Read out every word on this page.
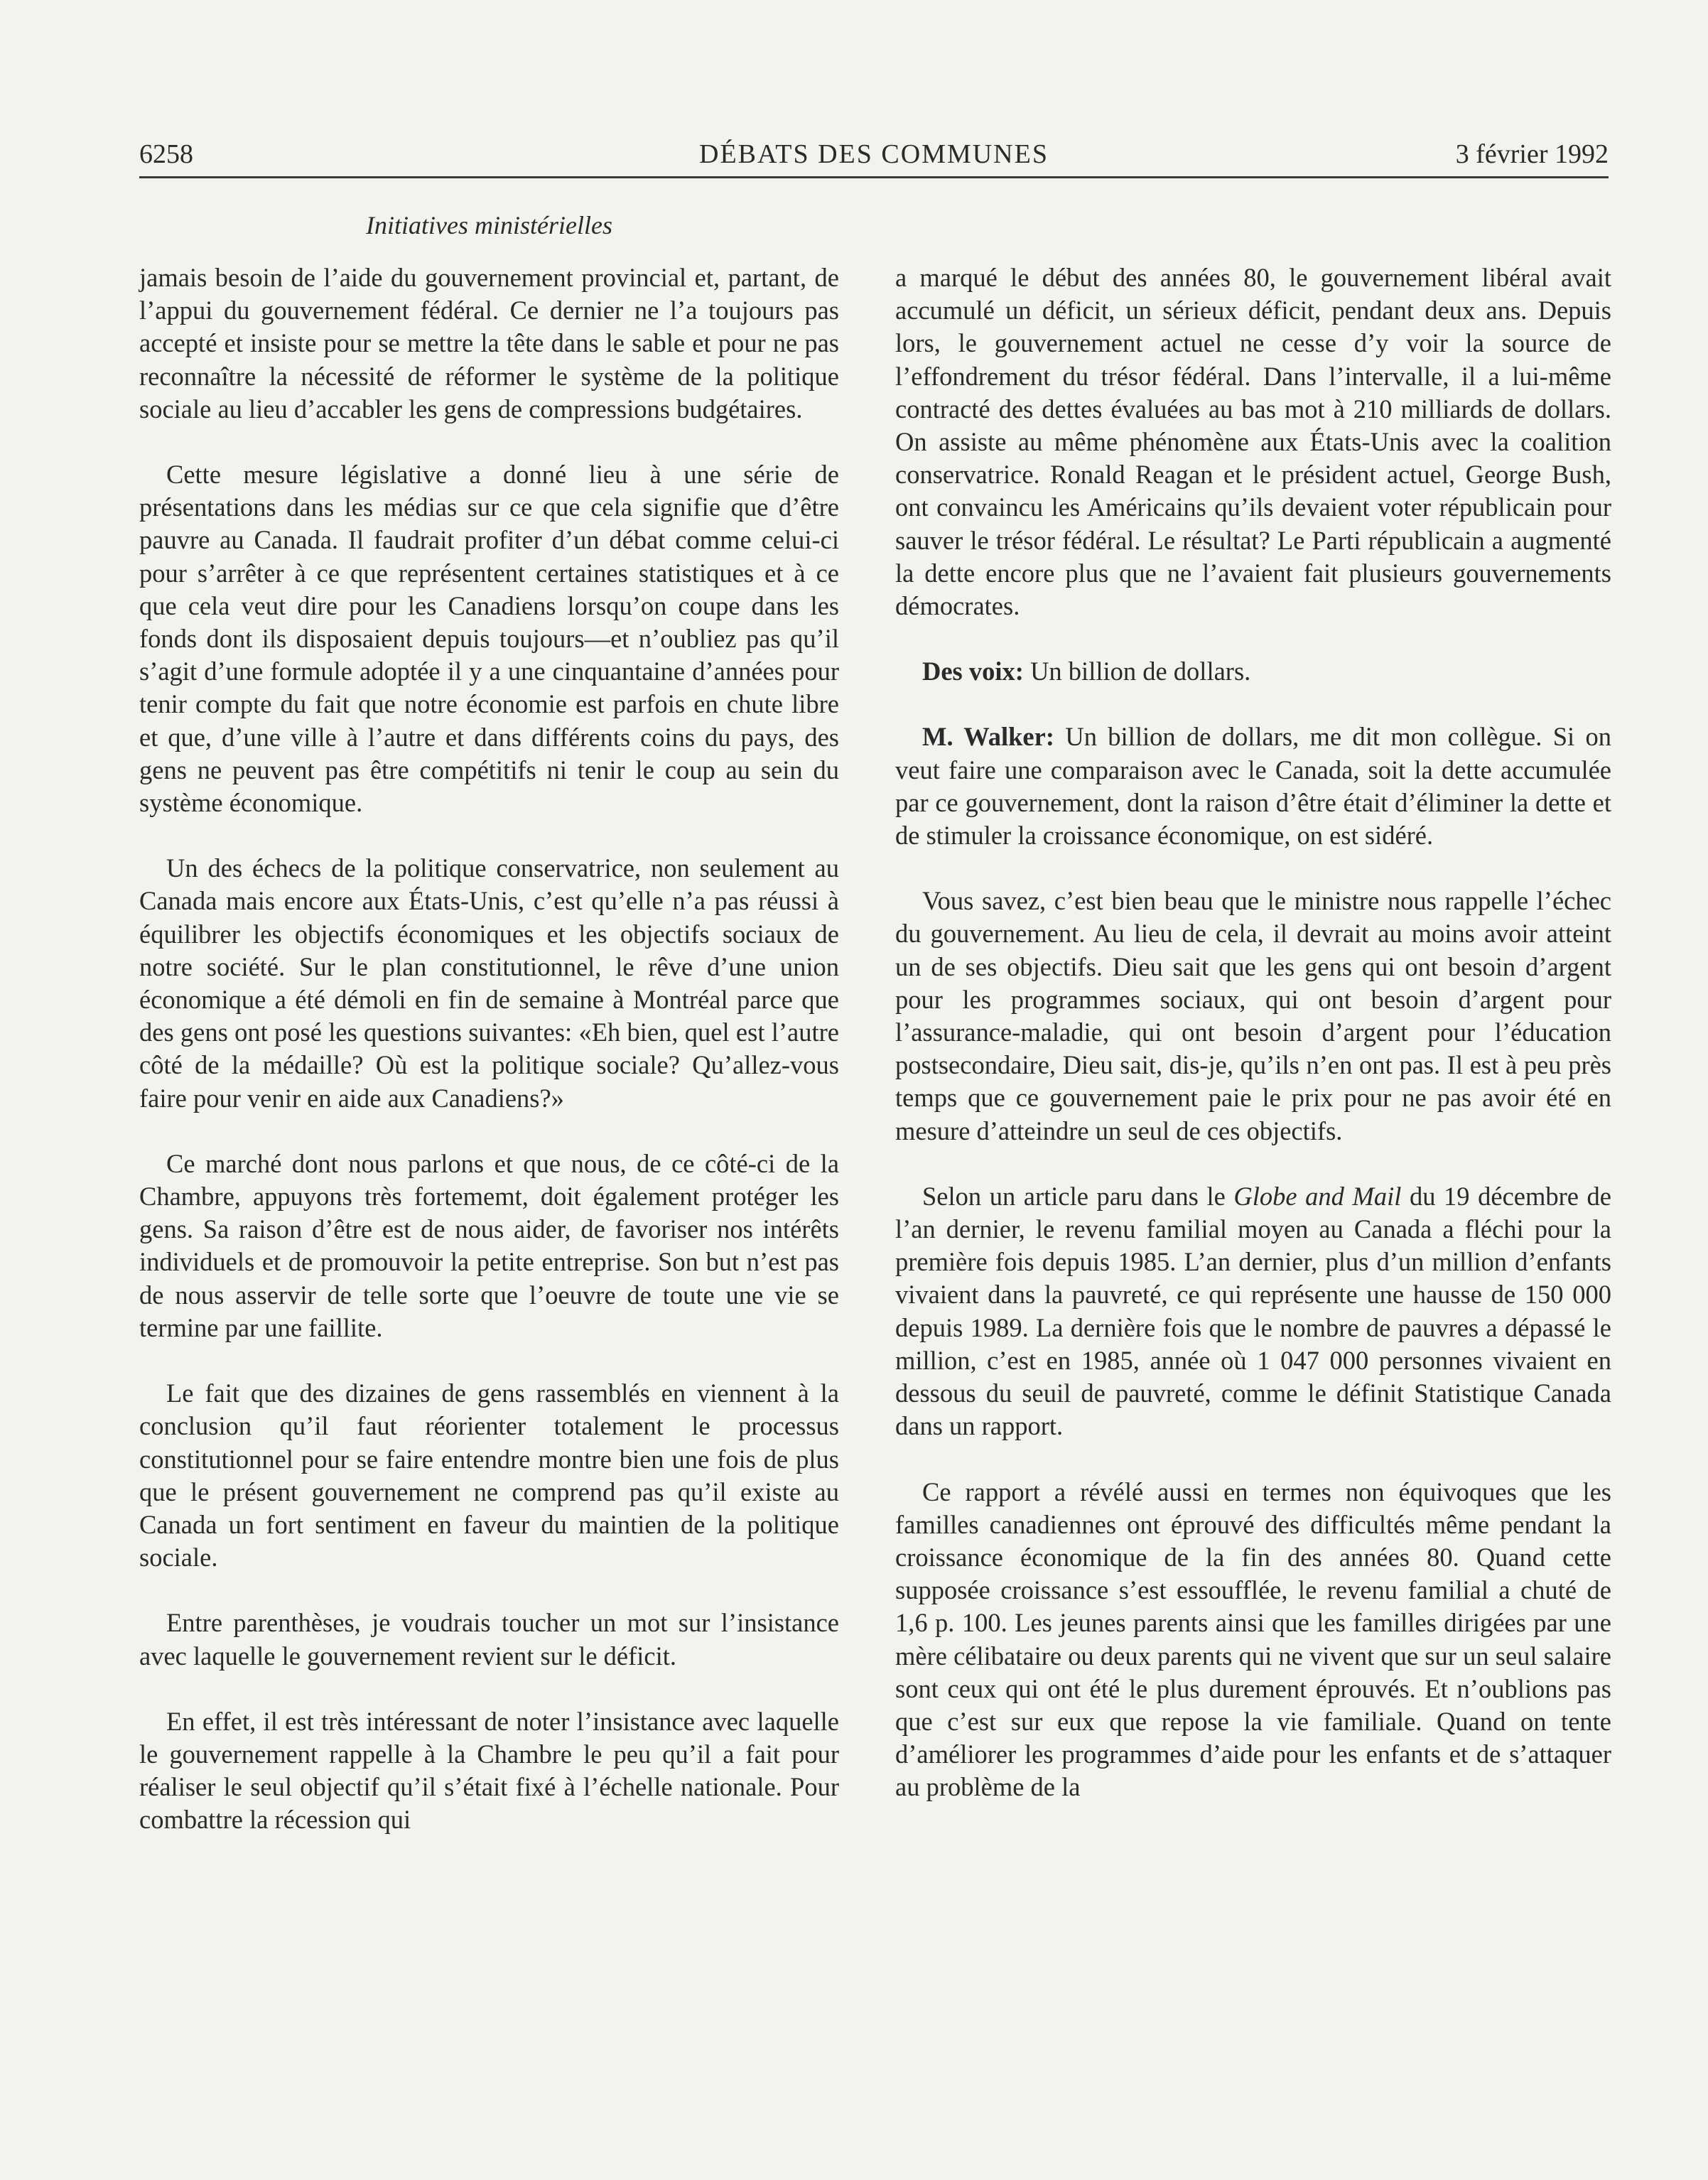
6258	DÉBATS DES COMMUNES	3 février 1992
Initiatives ministérielles

jamais besoin de l’aide du gouvernement provincial et, partant, de l’appui du gouvernement fédéral. Ce dernier ne l’a toujours pas accepté et insiste pour se mettre la tête dans le sable et pour ne pas reconnaître la nécessité de réformer le système de la politique sociale au lieu d’accabler les gens de compressions budgétaires.

Cette mesure législative a donné lieu à une série de présentations dans les médias sur ce que cela signifie que d’être pauvre au Canada. Il faudrait profiter d’un débat comme celui-ci pour s’arrêter à ce que représentent certaines statistiques et à ce que cela veut dire pour les Canadiens lorsqu’on coupe dans les fonds dont ils disposaient depuis toujours—et n’oubliez pas qu’il s’agit d’une formule adoptée il y a une cinquantaine d’années pour tenir compte du fait que notre économie est parfois en chute libre et que, d’une ville à l’autre et dans différents coins du pays, des gens ne peuvent pas être compétitifs ni tenir le coup au sein du système économique.

Un des échecs de la politique conservatrice, non seulement au Canada mais encore aux États-Unis, c’est qu’elle n’a pas réussi à équilibrer les objectifs économiques et les objectifs sociaux de notre société. Sur le plan constitutionnel, le rêve d’une union économique a été démoli en fin de semaine à Montréal parce que des gens ont posé les questions suivantes: «Eh bien, quel est l’autre côté de la médaille? Où est la politique sociale? Qu’allez-vous faire pour venir en aide aux Canadiens?»

Ce marché dont nous parlons et que nous, de ce côté-ci de la Chambre, appuyons très fortememt, doit également protéger les gens. Sa raison d’être est de nous aider, de favoriser nos intérêts individuels et de promouvoir la petite entreprise. Son but n’est pas de nous asservir de telle sorte que l’oeuvre de toute une vie se termine par une faillite.

Le fait que des dizaines de gens rassemblés en viennent à la conclusion qu’il faut réorienter totalement le processus constitutionnel pour se faire entendre montre bien une fois de plus que le présent gouvernement ne comprend pas qu’il existe au Canada un fort sentiment en faveur du maintien de la politique sociale.

Entre parenthèses, je voudrais toucher un mot sur l’insistance avec laquelle le gouvernement revient sur le déficit.

En effet, il est très intéressant de noter l’insistance avec laquelle le gouvernement rappelle à la Chambre le peu qu’il a fait pour réaliser le seul objectif qu’il s’était fixé à l’échelle nationale. Pour combattre la récession qui

a marqué le début des années 80, le gouvernement libéral avait accumulé un déficit, un sérieux déficit, pendant deux ans. Depuis lors, le gouvernement actuel ne cesse d’y voir la source de l’effondrement du trésor fédéral. Dans l’intervalle, il a lui-même contracté des dettes évaluées au bas mot à 210 milliards de dollars. On assiste au même phénomène aux États-Unis avec la coalition conservatrice. Ronald Reagan et le président actuel, George Bush, ont convaincu les Américains qu’ils devaient voter républicain pour sauver le trésor fédéral. Le résultat? Le Parti républicain a augmenté la dette encore plus que ne l’avaient fait plusieurs gouvernements démocrates.

Des voix: Un billion de dollars.

M. Walker: Un billion de dollars, me dit mon collègue. Si on veut faire une comparaison avec le Canada, soit la dette accumulée par ce gouvernement, dont la raison d’être était d’éliminer la dette et de stimuler la croissance économique, on est sidéré.

Vous savez, c’est bien beau que le ministre nous rappelle l’échec du gouvernement. Au lieu de cela, il devrait au moins avoir atteint un de ses objectifs. Dieu sait que les gens qui ont besoin d’argent pour les programmes sociaux, qui ont besoin d’argent pour l’assurance-maladie, qui ont besoin d’argent pour l’éducation postsecondaire, Dieu sait, dis-je, qu’ils n’en ont pas. Il est à peu près temps que ce gouvernement paie le prix pour ne pas avoir été en mesure d’atteindre un seul de ces objectifs.

Selon un article paru dans le Globe and Mail du 19 décembre de l’an dernier, le revenu familial moyen au Canada a fléchi pour la première fois depuis 1985. L’an dernier, plus d’un million d’enfants vivaient dans la pauvreté, ce qui représente une hausse de 150 000 depuis 1989. La dernière fois que le nombre de pauvres a dépassé le million, c’est en 1985, année où 1 047 000 personnes vivaient en dessous du seuil de pauvreté, comme le définit Statistique Canada dans un rapport.

Ce rapport a révélé aussi en termes non équivoques que les familles canadiennes ont éprouvé des difficultés même pendant la croissance économique de la fin des années 80. Quand cette supposée croissance s’est essoufflée, le revenu familial a chuté de 1,6 p. 100. Les jeunes parents ainsi que les familles dirigées par une mère célibataire ou deux parents qui ne vivent que sur un seul salaire sont ceux qui ont été le plus durement éprouvés. Et n’oublions pas que c’est sur eux que repose la vie familiale. Quand on tente d’améliorer les programmes d’aide pour les enfants et de s’attaquer au problème de la
